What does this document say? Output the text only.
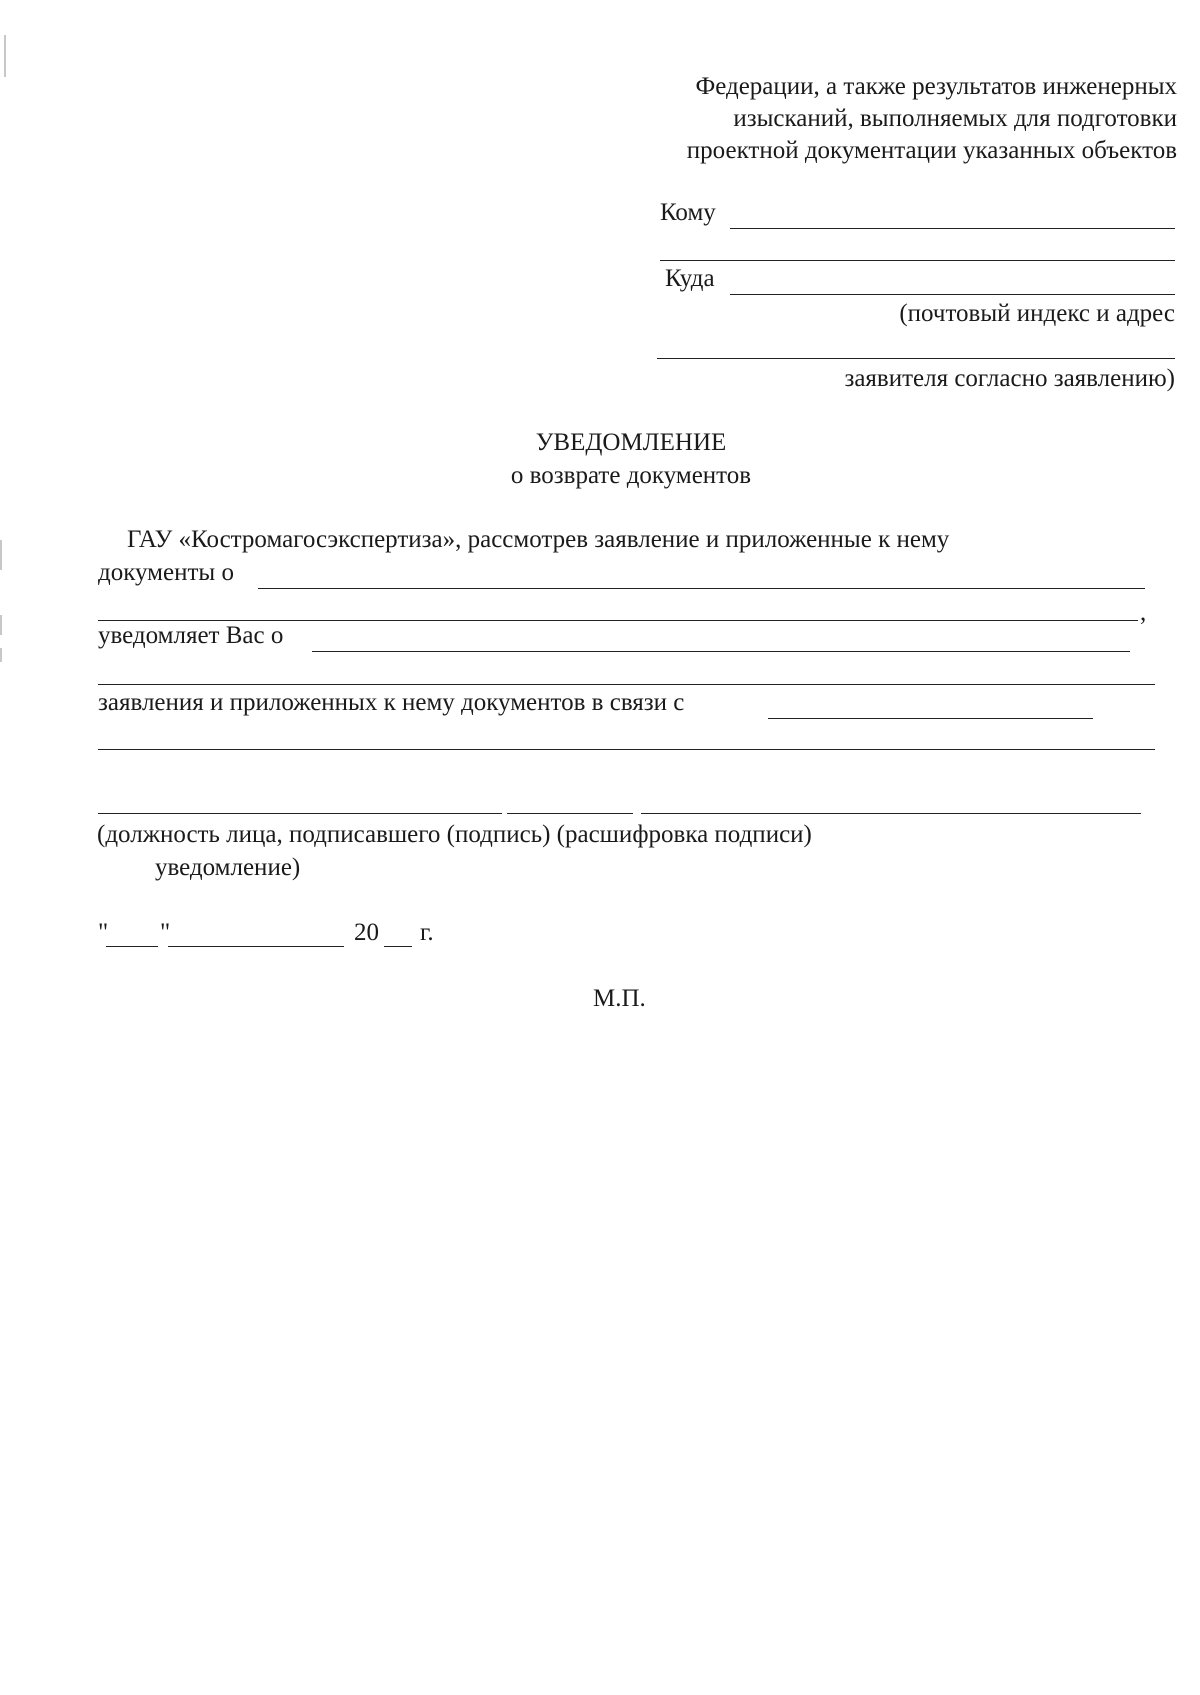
Федерации, а также результатов инженерных
изысканий, выполняемых для подготовки
проектной документации указанных объектов
Кому
Куда
(почтовый индекс и адрес
заявителя согласно заявлению)
УВЕДОМЛЕНИЕ
о возврате документов
ГАУ «Костромагосэкспертиза», рассмотрев заявление и приложенные к нему
документы о
,
уведомляет Вас о
заявления и приложенных к нему документов в связи с
(должность лица, подписавшего (подпись) (расшифровка подписи)
уведомление)
" "	20 г.
М.П.
